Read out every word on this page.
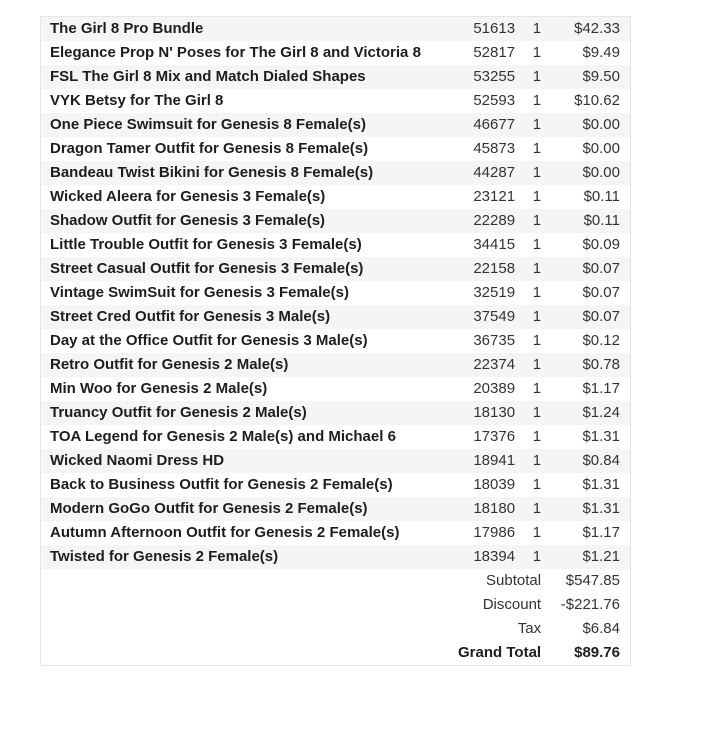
The Girl 8 Pro Bundle	51613	1	$42.33
Elegance Prop N' Poses for The Girl 8 and Victoria 8	52817	1	$9.49
FSL The Girl 8 Mix and Match Dialed Shapes	53255	1	$9.50
VYK Betsy for The Girl 8	52593	1	$10.62
One Piece Swimsuit for Genesis 8 Female(s)	46677	1	$0.00
Dragon Tamer Outfit for Genesis 8 Female(s)	45873	1	$0.00
Bandeau Twist Bikini for Genesis 8 Female(s)	44287	1	$0.00
Wicked Aleera for Genesis 3 Female(s)	23121	1	$0.11
Shadow Outfit for Genesis 3 Female(s)	22289	1	$0.11
Little Trouble Outfit for Genesis 3 Female(s)	34415	1	$0.09
Street Casual Outfit for Genesis 3 Female(s)	22158	1	$0.07
Vintage SwimSuit for Genesis 3 Female(s)	32519	1	$0.07
Street Cred Outfit for Genesis 3 Male(s)	37549	1	$0.07
Day at the Office Outfit for Genesis 3 Male(s)	36735	1	$0.12
Retro Outfit for Genesis 2 Male(s)	22374	1	$0.78
Min Woo for Genesis 2 Male(s)	20389	1	$1.17
Truancy Outfit for Genesis 2 Male(s)	18130	1	$1.24
TOA Legend for Genesis 2 Male(s) and Michael 6	17376	1	$1.31
Wicked Naomi Dress HD	18941	1	$0.84
Back to Business Outfit for Genesis 2 Female(s)	18039	1	$1.31
Modern GoGo Outfit for Genesis 2 Female(s)	18180	1	$1.31
Autumn Afternoon Outfit for Genesis 2 Female(s)	17986	1	$1.17
Twisted for Genesis 2 Female(s)	18394	1	$1.21
Subtotal			$547.85
Discount			-$221.76
Tax			$6.84
Grand Total			$89.76
